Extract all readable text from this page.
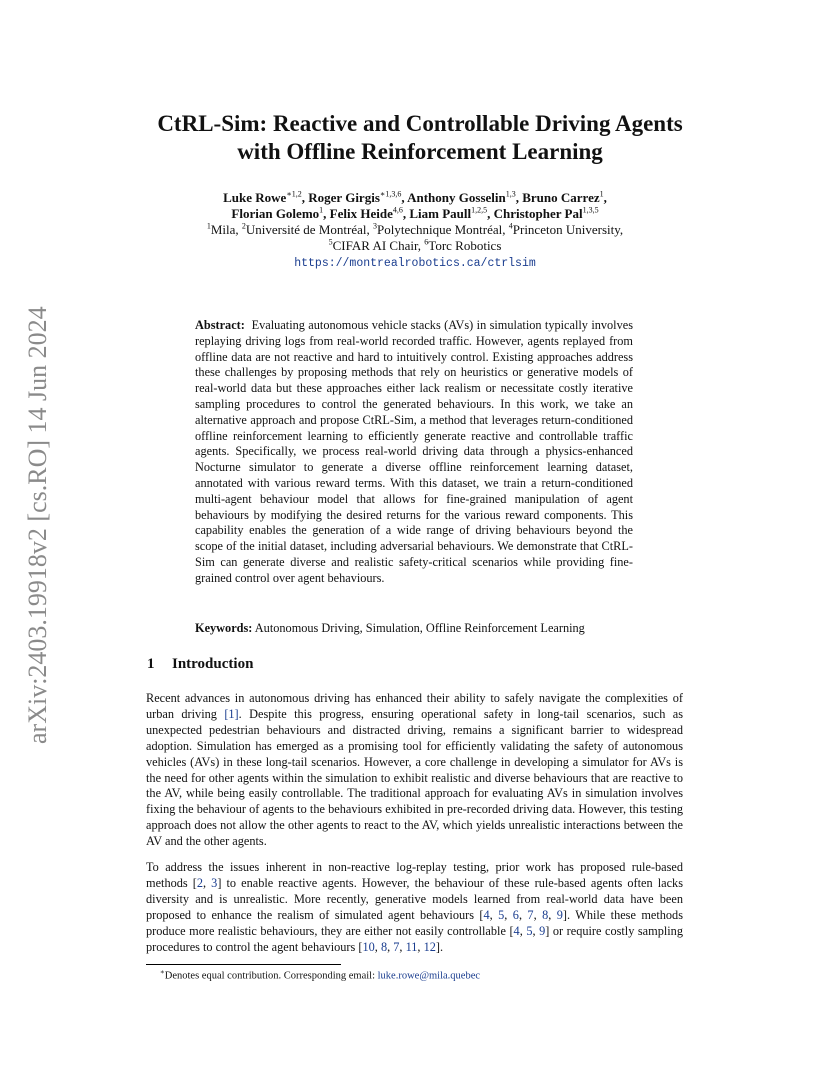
arXiv:2403.19918v2 [cs.RO] 14 Jun 2024
CtRL-Sim: Reactive and Controllable Driving Agents
with Offline Reinforcement Learning
Luke Rowe$^{∗1,2}$, Roger Girgis$^{∗1,3,6}$, Anthony Gosselin$^{1,3}$, Bruno Carrez$^1$,
Florian Golemo$^1$, Felix Heide$^{4,6}$, Liam Paull$^{1,2,5}$, Christopher Pal$^{1,3,5}$
$^1$Mila, $^2$Université de Montréal, $^3$Polytechnique Montréal, $^4$Princeton University,
$^5$CIFAR AI Chair, $^6$Torc Robotics
https://montrealrobotics.ca/ctrlsim

Abstract: Evaluating autonomous vehicle stacks (AVs) in simulation typically involves replaying driving logs from real-world recorded traffic. However, agents replayed from offline data are not reactive and hard to intuitively control. Existing approaches address these challenges by proposing methods that rely on heuristics or generative models of real-world data but these approaches either lack realism or necessitate costly iterative sampling procedures to control the generated behaviours. In this work, we take an alternative approach and propose CtRL-Sim, a method that leverages return-conditioned offline reinforcement learning to efficiently generate reactive and controllable traffic agents. Specifically, we process real-world driving data through a physics-enhanced Nocturne simulator to generate a diverse offline reinforcement learning dataset, annotated with various reward terms. With this dataset, we train a return-conditioned multi-agent behaviour model that allows for fine-grained manipulation of agent behaviours by modifying the desired returns for the various reward components. This capability enables the generation of a wide range of driving behaviours beyond the scope of the initial dataset, including adversarial behaviours. We demonstrate that CtRL-Sim can generate diverse and realistic safety-critical scenarios while providing fine-grained control over agent behaviours.

Keywords: Autonomous Driving, Simulation, Offline Reinforcement Learning

1 Introduction

Recent advances in autonomous driving has enhanced their ability to safely navigate the complexities of urban driving [1]. Despite this progress, ensuring operational safety in long-tail scenarios, such as unexpected pedestrian behaviours and distracted driving, remains a significant barrier to widespread adoption. Simulation has emerged as a promising tool for efficiently validating the safety of autonomous vehicles (AVs) in these long-tail scenarios. However, a core challenge in developing a simulator for AVs is the need for other agents within the simulation to exhibit realistic and diverse behaviours that are reactive to the AV, while being easily controllable. The traditional approach for evaluating AVs in simulation involves fixing the behaviour of agents to the behaviours exhibited in pre-recorded driving data. However, this testing approach does not allow the other agents to react to the AV, which yields unrealistic interactions between the AV and the other agents.

To address the issues inherent in non-reactive log-replay testing, prior work has proposed rule-based methods [2, 3] to enable reactive agents. However, the behaviour of these rule-based agents often lacks diversity and is unrealistic. More recently, generative models learned from real-world data have been proposed to enhance the realism of simulated agent behaviours [4, 5, 6, 7, 8, 9]. While these methods produce more realistic behaviours, they are either not easily controllable [4, 5, 9] or require costly sampling procedures to control the agent behaviours [10, 8, 7, 11, 12].

∗Denotes equal contribution. Corresponding email: luke.rowe@mila.quebec
